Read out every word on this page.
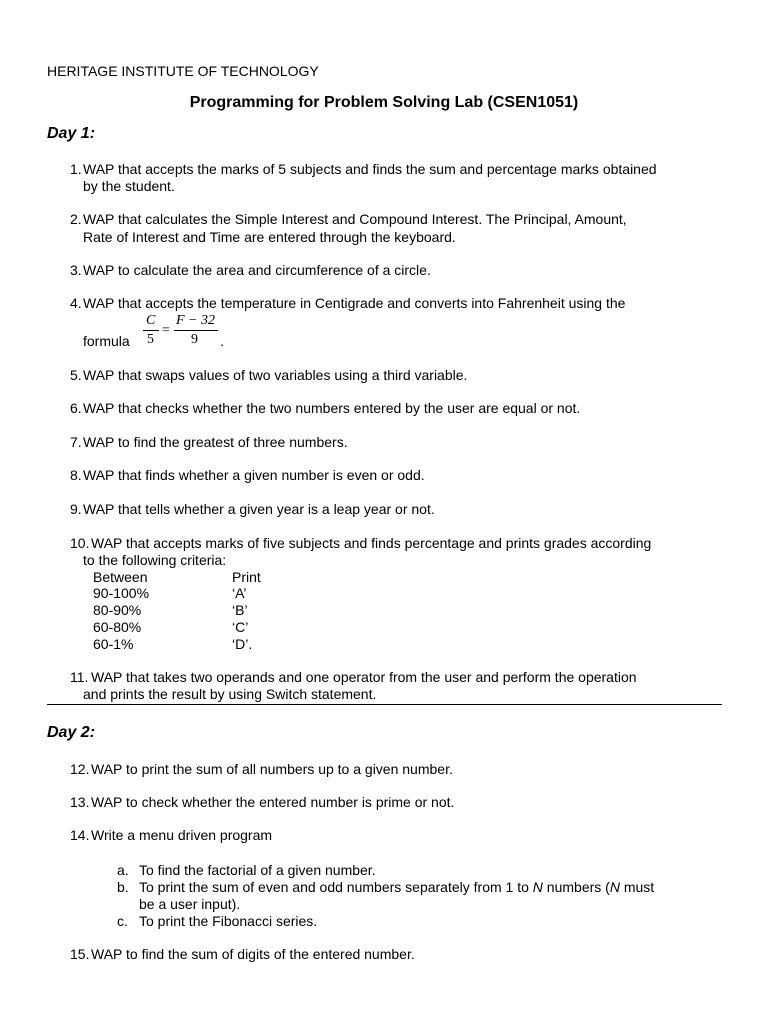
HERITAGE INSTITUTE OF TECHNOLOGY
Programming for Problem Solving Lab (CSEN1051)
Day 1:
1. WAP that accepts the marks of 5 subjects and finds the sum and percentage marks obtained
by the student.
2. WAP that calculates the Simple Interest and Compound Interest. The Principal, Amount,
Rate of Interest and Time are entered through the keyboard.
3. WAP to calculate the area and circumference of a circle.
4. WAP that accepts the temperature in Centigrade and converts into Fahrenheit using the
formula
C
5
=
F − 32
9 .
5. WAP that swaps values of two variables using a third variable.
6. WAP that checks whether the two numbers entered by the user are equal or not.
7. WAP to find the greatest of three numbers.
8. WAP that finds whether a given number is even or odd.
9. WAP that tells whether a given year is a leap year or not.
10. WAP that accepts marks of five subjects and finds percentage and prints grades according
to the following criteria:
Between	Print
90-100%	‘A’
80-90%	‘B’
60-80%	‘C’
60-1%	‘D’.
11. WAP that takes two operands and one operator from the user and perform the operation
and prints the result by using Switch statement.
Day 2:
12. WAP to print the sum of all numbers up to a given number.
13. WAP to check whether the entered number is prime or not.
14. Write a menu driven program
a. To find the factorial of a given number.
b. To print the sum of even and odd numbers separately from 1 to N numbers (N must
be a user input).
c. To print the Fibonacci series.
15. WAP to find the sum of digits of the entered number.
